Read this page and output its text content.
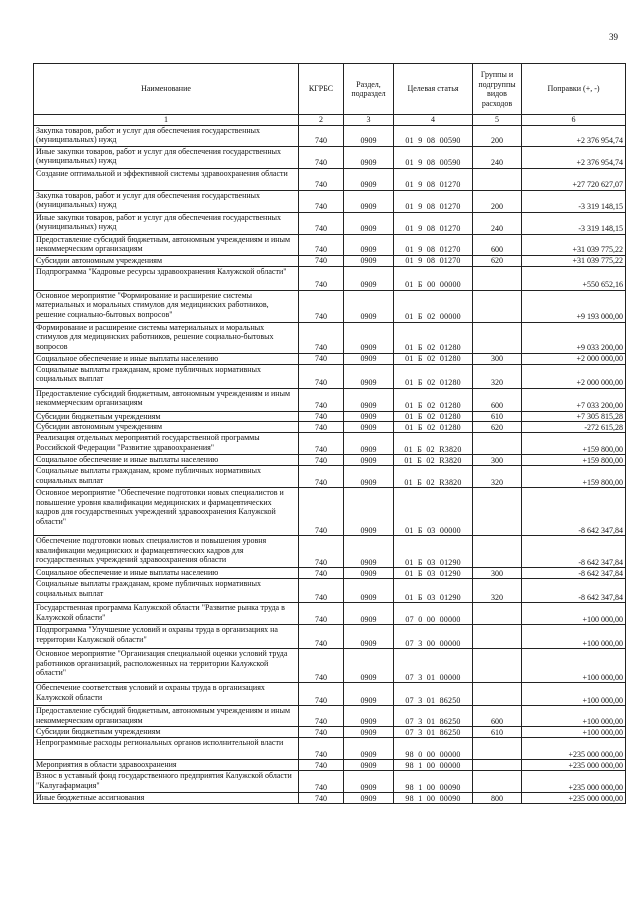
39
Наименование	КГРБС	Раздел, подраздел	Целевая статья	Группы и подгруппы видов расходов	Поправки (+, -)
1	2	3	4	5	6
Закупка товаров, работ и услуг для обеспечения государственных (муниципальных) нужд	740	0909	01  9  08  00590	200	+2 376 954,74
Иные закупки товаров, работ и услуг для обеспечения государственных (муниципальных) нужд	740	0909	01  9  08  00590	240	+2 376 954,74
Создание оптимальной и эффективной системы здравоохранения области	740	0909	01  9  08  01270		+27 720 627,07
Закупка товаров, работ и услуг для обеспечения государственных (муниципальных) нужд	740	0909	01  9  08  01270	200	-3 319 148,15
Иные закупки товаров, работ и услуг для обеспечения государственных (муниципальных) нужд	740	0909	01  9  08  01270	240	-3 319 148,15
Предоставление субсидий бюджетным, автономным учреждениям и иным некоммерческим организациям	740	0909	01  9  08  01270	600	+31 039 775,22
Субсидии автономным учреждениям	740	0909	01  9  08  01270	620	+31 039 775,22
Подпрограмма "Кадровые ресурсы здравоохранения Калужской области"	740	0909	01  Б  00  00000		+550 652,16
Основное мероприятие "Формирование и расширение системы материальных и моральных стимулов для медицинских работников, решение социально-бытовых вопросов"	740	0909	01  Б  02  00000		+9 193 000,00
Формирование и расширение системы материальных и моральных стимулов для медицинских работников, решение социально-бытовых вопросов	740	0909	01  Б  02  01280		+9 033 200,00
Социальное обеспечение и иные выплаты населению	740	0909	01  Б  02  01280	300	+2 000 000,00
Социальные выплаты гражданам, кроме публичных нормативных социальных выплат	740	0909	01  Б  02  01280	320	+2 000 000,00
Предоставление субсидий бюджетным, автономным учреждениям и иным некоммерческим организациям	740	0909	01  Б  02  01280	600	+7 033 200,00
Субсидии бюджетным учреждениям	740	0909	01  Б  02  01280	610	+7 305 815,28
Субсидии автономным учреждениям	740	0909	01  Б  02  01280	620	-272 615,28
Реализация отдельных мероприятий государственной программы Российской Федерации "Развитие здравоохранения"	740	0909	01  Б  02  R3820		+159 800,00
Социальное обеспечение и иные выплаты населению	740	0909	01  Б  02  R3820	300	+159 800,00
Социальные выплаты гражданам, кроме публичных нормативных социальных выплат	740	0909	01  Б  02  R3820	320	+159 800,00
Основное мероприятие "Обеспечение подготовки новых специалистов и повышение уровня квалификации медицинских и фармацевтических кадров для государственных учреждений здравоохранения Калужской области"	740	0909	01  Б  03  00000		-8 642 347,84
Обеспечение подготовки новых специалистов и повышения уровня квалификации медицинских и фармацевтических кадров для государственных учреждений здравоохранения области	740	0909	01  Б  03  01290		-8 642 347,84
Социальное обеспечение и иные выплаты населению	740	0909	01  Б  03  01290	300	-8 642 347,84
Социальные выплаты гражданам, кроме публичных нормативных социальных выплат	740	0909	01  Б  03  01290	320	-8 642 347,84
Государственная программа Калужской области "Развитие рынка труда в Калужской области"	740	0909	07  0  00  00000		+100 000,00
Подпрограмма "Улучшение условий и охраны труда в организациях на территории Калужской области"	740	0909	07  3  00  00000		+100 000,00
Основное мероприятие "Организация специальной оценки условий труда работников организаций, расположенных на территории Калужской области"	740	0909	07  3  01  00000		+100 000,00
Обеспечение соответствия условий и охраны труда в организациях Калужской области	740	0909	07  3  01  86250		+100 000,00
Предоставление субсидий бюджетным, автономным учреждениям и иным некоммерческим организациям	740	0909	07  3  01  86250	600	+100 000,00
Субсидии бюджетным учреждениям	740	0909	07  3  01  86250	610	+100 000,00
Непрограммные расходы региональных органов исполнительной власти	740	0909	98  0  00  00000		+235 000 000,00
Мероприятия в области здравоохранения	740	0909	98  1  00  00000		+235 000 000,00
Взнос в уставный фонд государственного предприятия Калужской области "Калугафармация"	740	0909	98  1  00  00090		+235 000 000,00
Иные бюджетные ассигнования	740	0909	98  1  00  00090	800	+235 000 000,00
